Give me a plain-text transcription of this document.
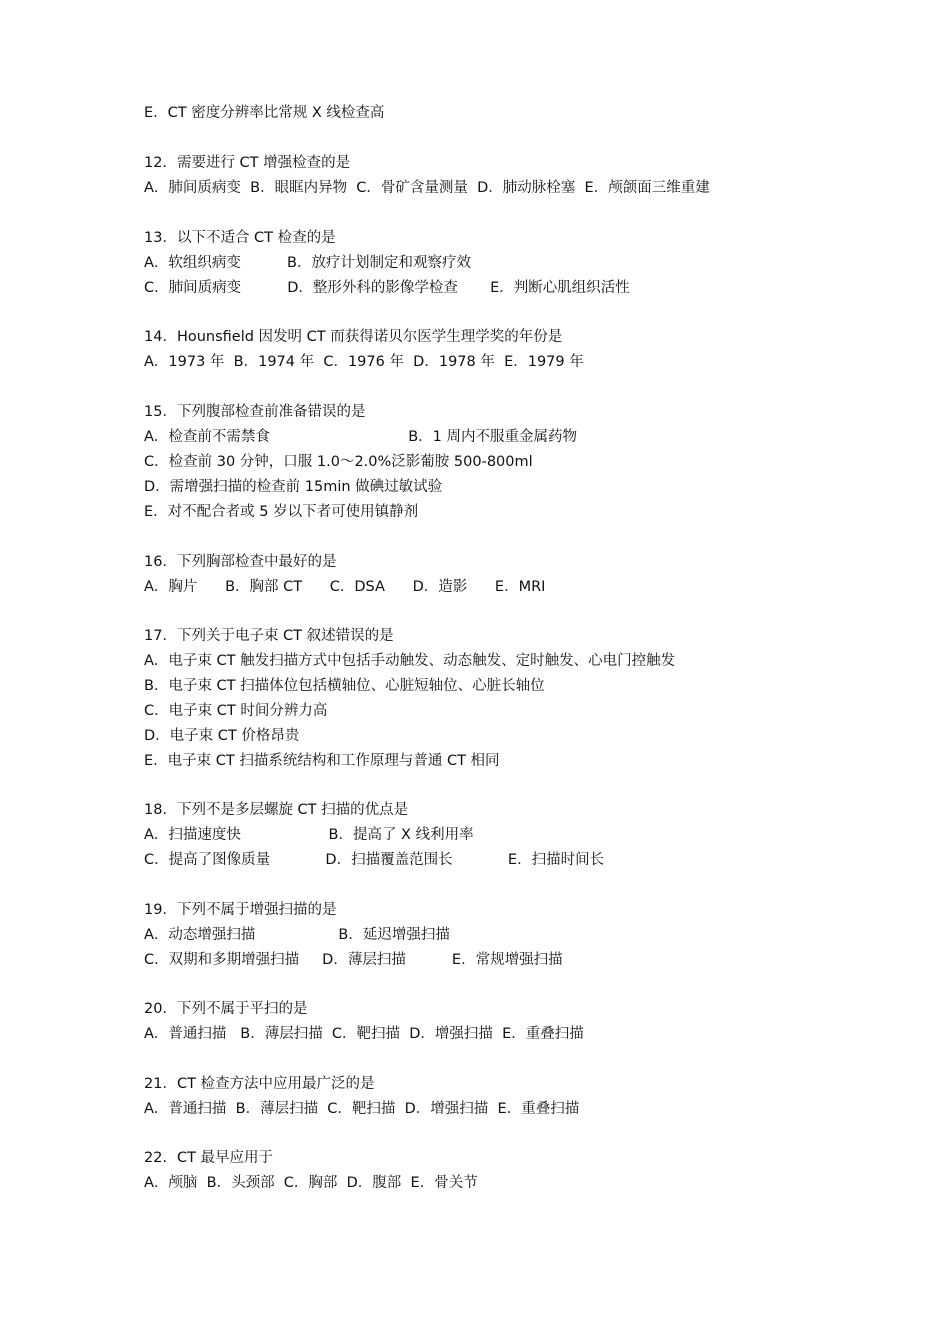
E．CT 密度分辨率比常规 X 线检查高
12．需要进行 CT 增强检查的是
A．肺间质病变  B．眼眶内异物  C．骨矿含量测量  D．肺动脉栓塞  E．颅颌面三维重建
13．以下不适合 CT 检查的是
A．软组织病变          B．放疗计划制定和观察疗效
C．肺间质病变          D．整形外科的影像学检查       E．判断心肌组织活性
14．Hounsfield 因发明 CT 而获得诺贝尔医学生理学奖的年份是
A．1973 年  B．1974 年  C．1976 年  D．1978 年  E．1979 年
15．下列腹部检查前准备错误的是
A．检查前不需禁食                              B．1 周内不服重金属药物
C．检查前 30 分钟，口服 1.0～2.0%泛影葡胺 500-800ml
D．需增强扫描的检查前 15min 做碘过敏试验
E．对不配合者或 5 岁以下者可使用镇静剂
16．下列胸部检查中最好的是
A．胸片      B．胸部 CT      C．DSA      D．造影      E．MRI
17．下列关于电子束 CT 叙述错误的是
A．电子束 CT 触发扫描方式中包括手动触发、动态触发、定时触发、心电门控触发
B．电子束 CT 扫描体位包括横轴位、心脏短轴位、心脏长轴位
C．电子束 CT 时间分辨力高
D．电子束 CT 价格昂贵
E．电子束 CT 扫描系统结构和工作原理与普通 CT 相同
18．下列不是多层螺旋 CT 扫描的优点是
A．扫描速度快                   B．提高了 X 线利用率
C．提高了图像质量            D．扫描覆盖范围长            E．扫描时间长
19．下列不属于增强扫描的是
A．动态增强扫描                  B．延迟增强扫描
C．双期和多期增强扫描     D．薄层扫描          E．常规增强扫描
20．下列不属于平扫的是
A．普通扫描   B．薄层扫描  C．靶扫描  D．增强扫描  E．重叠扫描
21．CT 检查方法中应用最广泛的是
A．普通扫描  B．薄层扫描  C．靶扫描  D．增强扫描  E．重叠扫描
22．CT 最早应用于
A．颅脑  B．头颈部  C．胸部  D．腹部  E．骨关节
